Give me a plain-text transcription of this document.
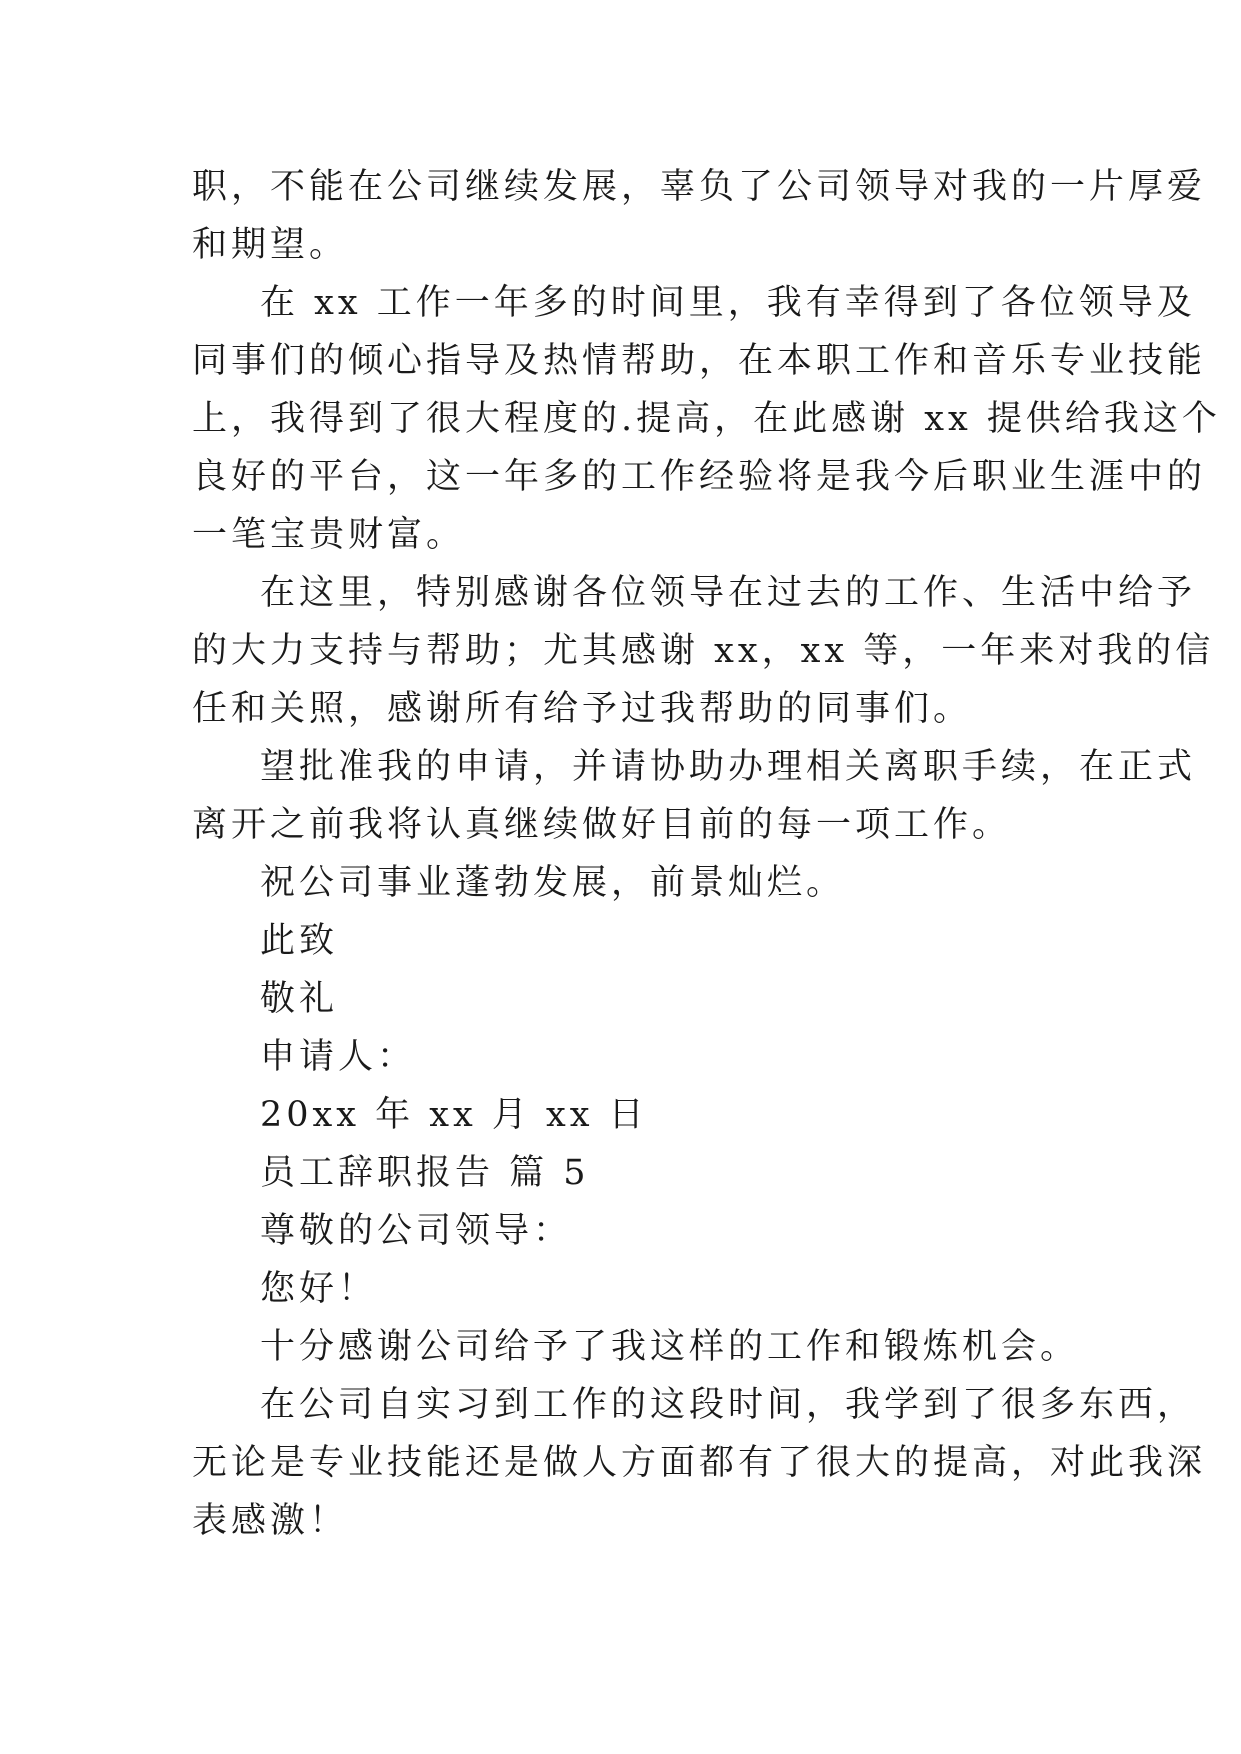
职，不能在公司继续发展，辜负了公司领导对我的一片厚爱
和期望。

在 xx 工作一年多的时间里，我有幸得到了各位领导及
同事们的倾心指导及热情帮助，在本职工作和音乐专业技能
上，我得到了很大程度的.提高，在此感谢 xx 提供给我这个
良好的平台，这一年多的工作经验将是我今后职业生涯中的
一笔宝贵财富。

在这里，特别感谢各位领导在过去的工作、生活中给予
的大力支持与帮助；尤其感谢 xx，xx 等，一年来对我的信
任和关照，感谢所有给予过我帮助的同事们。

望批准我的申请，并请协助办理相关离职手续，在正式
离开之前我将认真继续做好目前的每一项工作。

祝公司事业蓬勃发展，前景灿烂。

此致

敬礼

申请人：

20xx 年 xx 月 xx 日

员工辞职报告 篇 5

尊敬的公司领导：

您好！

十分感谢公司给予了我这样的工作和锻炼机会。

在公司自实习到工作的这段时间，我学到了很多东西，
无论是专业技能还是做人方面都有了很大的提高，对此我深
表感激！
